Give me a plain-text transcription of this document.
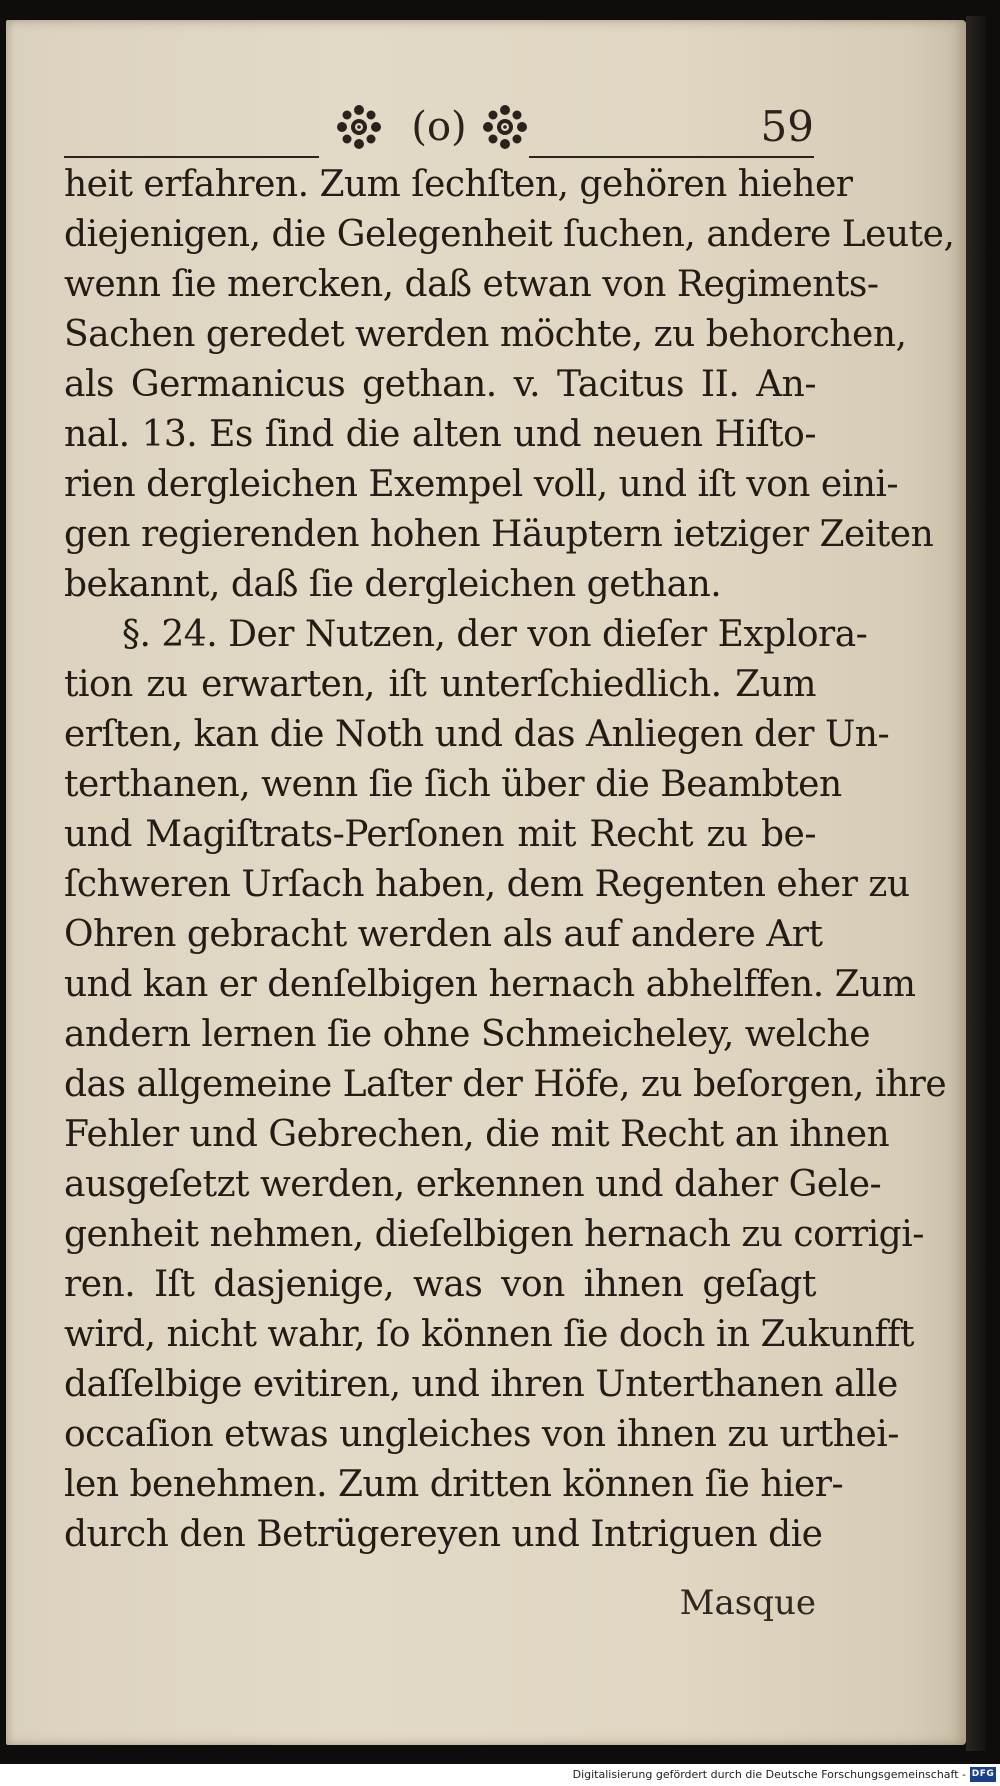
(o)	59
heit erfahren. Zum ſechſten, gehören hieher
diejenigen, die Gelegenheit ſuchen, andere Leute,
wenn ſie mercken, daß etwan von Regiments-
Sachen geredet werden möchte, zu behorchen,
als Germanicus gethan. v. Tacitus II. An-
nal. 13. Es ſind die alten und neuen Hiſto-
rien dergleichen Exempel voll, und iſt von eini-
gen regierenden hohen Häuptern ietziger Zeiten
bekannt, daß ſie dergleichen gethan.
§. 24. Der Nutzen, der von dieſer Explora-
tion zu erwarten, iſt unterſchiedlich. Zum
erſten, kan die Noth und das Anliegen der Un-
terthanen, wenn ſie ſich über die Beambten
und Magiſtrats-Perſonen mit Recht zu be-
ſchweren Urſach haben, dem Regenten eher zu
Ohren gebracht werden als auf andere Art
und kan er denſelbigen hernach abhelffen. Zum
andern lernen ſie ohne Schmeicheley, welche
das allgemeine Laſter der Höfe, zu beſorgen, ihre
Fehler und Gebrechen, die mit Recht an ihnen
ausgeſetzt werden, erkennen und daher Gele-
genheit nehmen, dieſelbigen hernach zu corrigi-
ren. Iſt dasjenige, was von ihnen geſagt
wird, nicht wahr, ſo können ſie doch in Zukunfft
daſſelbige evitiren, und ihren Unterthanen alle
occaſion etwas ungleiches von ihnen zu urthei-
len benehmen. Zum dritten können ſie hier-
durch den Betrügereyen und Intriguen die
Masque
Digitalisierung gefördert durch die Deutsche Forschungsgemeinschaft - DFG
